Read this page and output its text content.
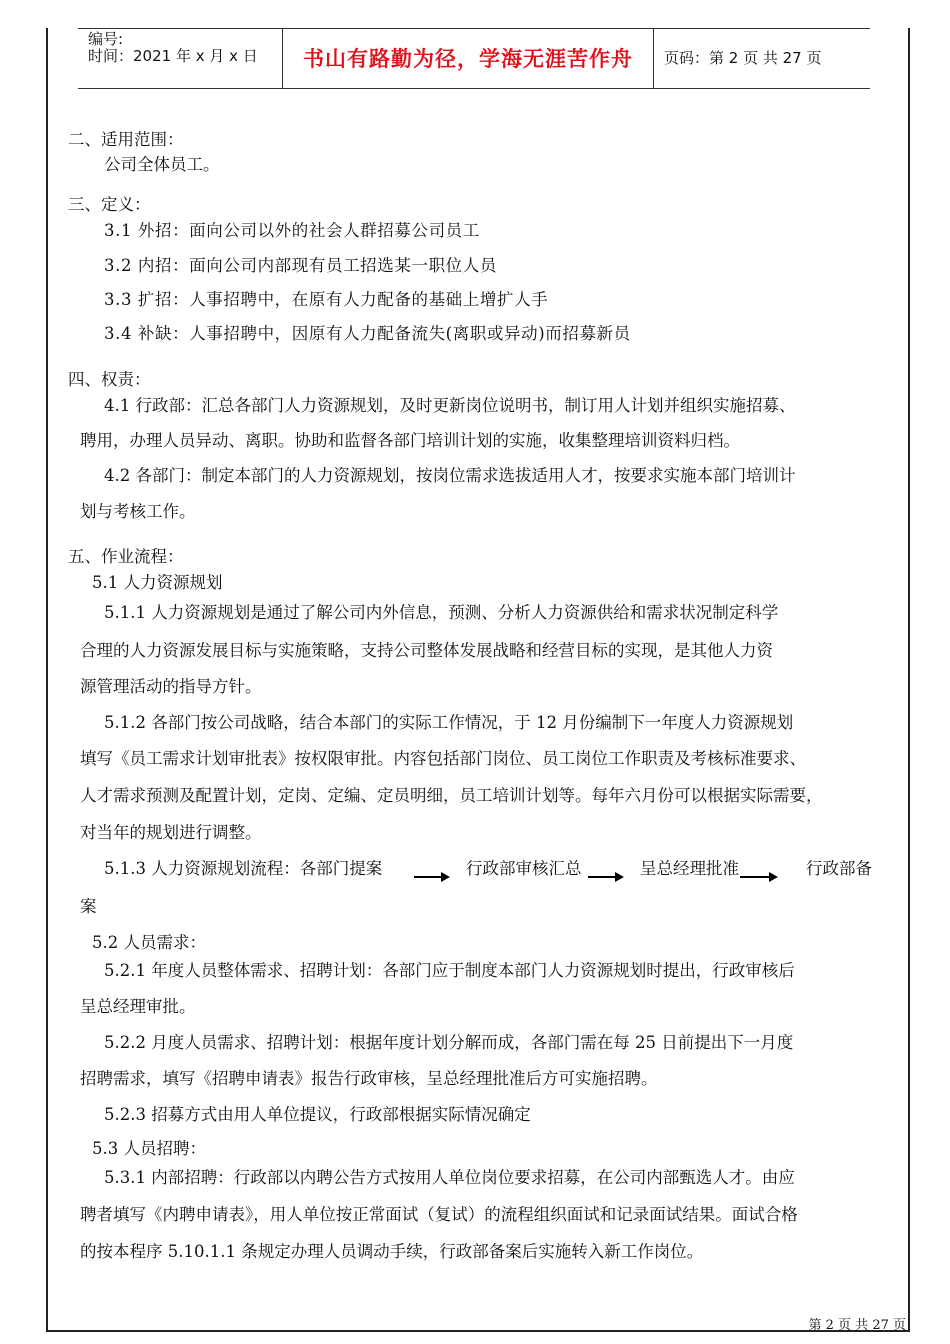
编号:
时间：2021 年 x 月 x 日	书山有路勤为径，学海无涯苦作舟	页码：第 2 页 共 27 页
二、适用范围：
公司全体员工。
三、定义：
3.1 外招：面向公司以外的社会人群招募公司员工
3.2 内招：面向公司内部现有员工招选某一职位人员
3.3 扩招：人事招聘中，在原有人力配备的基础上增扩人手
3.4 补缺：人事招聘中，因原有人力配备流失(离职或异动)而招募新员
四、权责：
4.1 行政部：汇总各部门人力资源规划，及时更新岗位说明书，制订用人计划并组织实施招募、
聘用，办理人员异动、离职。协助和监督各部门培训计划的实施，收集整理培训资料归档。
4.2 各部门：制定本部门的人力资源规划，按岗位需求选拔适用人才，按要求实施本部门培训计
划与考核工作。
五、作业流程：
5.1 人力资源规划
5.1.1 人力资源规划是通过了解公司内外信息，预测、分析人力资源供给和需求状况制定科学
合理的人力资源发展目标与实施策略，支持公司整体发展战略和经营目标的实现，是其他人力资
源管理活动的指导方针。
5.1.2 各部门按公司战略，结合本部门的实际工作情况，于 12 月份编制下一年度人力资源规划
填写《员工需求计划审批表》按权限审批。内容包括部门岗位、员工岗位工作职责及考核标准要求、
人才需求预测及配置计划，定岗、定编、定员明细，员工培训计划等。每年六月份可以根据实际需要，
对当年的规划进行调整。
5.1.3 人力资源规划流程：各部门提案	行政部审核汇总	呈总经理批准	行政部备
案
5.2 人员需求：
5.2.1 年度人员整体需求、招聘计划：各部门应于制度本部门人力资源规划时提出，行政审核后
呈总经理审批。
5.2.2 月度人员需求、招聘计划：根据年度计划分解而成，各部门需在每 25 日前提出下一月度
招聘需求，填写《招聘申请表》报告行政审核，呈总经理批准后方可实施招聘。
5.2.3 招募方式由用人单位提议，行政部根据实际情况确定
5.3 人员招聘：
5.3.1 内部招聘：行政部以内聘公告方式按用人单位岗位要求招募，在公司内部甄选人才。由应
聘者填写《内聘申请表》，用人单位按正常面试（复试）的流程组织面试和记录面试结果。面试合格
的按本程序 5.10.1.1 条规定办理人员调动手续，行政部备案后实施转入新工作岗位。
第 2 页 共 27 页
